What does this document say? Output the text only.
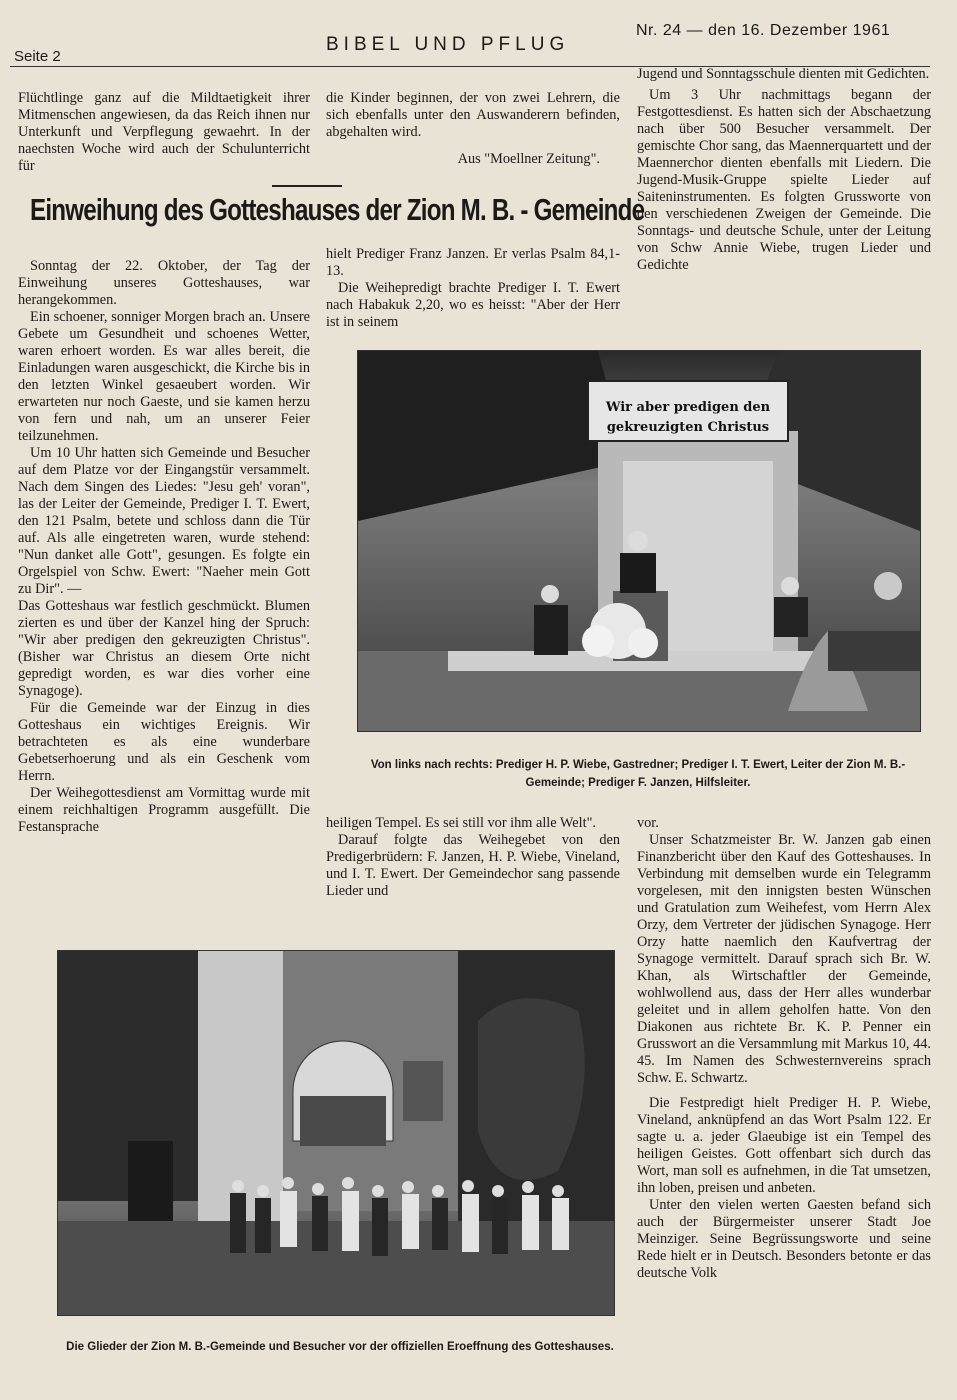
Seite 2
BIBEL UND PFLUG
Nr. 24 — den 16. Dezember 1961

Flüchtlinge ganz auf die Mildtaetigkeit ihrer Mitmenschen angewiesen, da das Reich ihnen nur Unterkunft und Verpflegung gewaehrt. In der naechsten Woche wird auch der Schulunterricht für

die Kinder beginnen, der von zwei Lehrern, die sich ebenfalls unter den Auswanderern befinden, abgehalten wird.

Aus "Moellner Zeitung".

Einweihung des Gotteshauses der Zion M. B. - Gemeinde

Jugend und Sonntagsschule dienten mit Gedichten.

Um 3 Uhr nachmittags begann der Festgottesdienst. Es hatten sich der Abschaetzung nach über 500 Besucher versammelt. Der gemischte Chor sang, das Maennerquartett und der Maennerchor dienten ebenfalls mit Liedern. Die Jugend-Musik-Gruppe spielte Lieder auf Saiteninstrumenten. Es folgten Grussworte von den verschiedenen Zweigen der Gemeinde. Die Sonntags- und deutsche Schule, unter der Leitung von Schw Annie Wiebe, trugen Lieder und Gedichte

Sonntag der 22. Oktober, der Tag der Einweihung unseres Gotteshauses, war herangekommen.

Ein schoener, sonniger Morgen brach an. Unsere Gebete um Gesundheit und schoenes Wetter, waren erhoert worden. Es war alles bereit, die Einladungen waren ausgeschickt, die Kirche bis in den letzten Winkel gesaeubert worden. Wir erwarteten nur noch Gaeste, und sie kamen herzu von fern und nah, um an unserer Feier teilzunehmen.

Um 10 Uhr hatten sich Gemeinde und Besucher auf dem Platze vor der Eingangstür versammelt. Nach dem Singen des Liedes: "Jesu geh' voran", las der Leiter der Gemeinde, Prediger I. T. Ewert, den 121 Psalm, betete und schloss dann die Tür auf. Als alle eingetreten waren, wurde stehend: "Nun danket alle Gott", gesungen. Es folgte ein Orgelspiel von Schw. Ewert: "Naeher mein Gott zu Dir". —

Das Gotteshaus war festlich geschmückt. Blumen zierten es und über der Kanzel hing der Spruch: "Wir aber predigen den gekreuzigten Christus". (Bisher war Christus an diesem Orte nicht gepredigt worden, es war dies vorher eine Synagoge).

Für die Gemeinde war der Einzug in dies Gotteshaus ein wichtiges Ereignis. Wir betrachteten es als eine wunderbare Gebetserhoerung und als ein Geschenk vom Herrn.

Der Weihegottesdienst am Vormittag wurde mit einem reichhaltigen Programm ausgefüllt. Die Festansprache

hielt Prediger Franz Janzen. Er verlas Psalm 84,1-13.

Die Weihepredigt brachte Prediger I. T. Ewert nach Habakuk 2,20, wo es heisst: "Aber der Herr ist in seinem

Wir aber predigen den
gekreuzigten Christus
Von links nach rechts: Prediger H. P. Wiebe, Gastredner; Prediger I. T. Ewert, Leiter der Zion M. B.-Gemeinde; Prediger F. Janzen, Hilfsleiter.

heiligen Tempel. Es sei still vor ihm alle Welt".

Darauf folgte das Weihegebet von den Predigerbrüdern: F. Janzen, H. P. Wiebe, Vineland, und I. T. Ewert. Der Gemeindechor sang passende Lieder und

vor.

Unser Schatzmeister Br. W. Janzen gab einen Finanzbericht über den Kauf des Gotteshauses. In Verbindung mit demselben wurde ein Telegramm vorgelesen, mit den innigsten besten Wünschen und Gratulation zum Weihefest, vom Herrn Alex Orzy, dem Vertreter der jüdischen Synagoge. Herr Orzy hatte naemlich den Kaufvertrag der Synagoge vermittelt. Darauf sprach sich Br. W. Khan, als Wirtschaftler der Gemeinde, wohlwollend aus, dass der Herr alles wunderbar geleitet und in allem geholfen hatte. Von den Diakonen aus richtete Br. K. P. Penner ein Grusswort an die Versammlung mit Markus 10, 44. 45. Im Namen des Schwesternvereins sprach Schw. E. Schwartz.

Die Festpredigt hielt Prediger H. P. Wiebe, Vineland, anknüpfend an das Wort Psalm 122. Er sagte u. a. jeder Glaeubige ist ein Tempel des heiligen Geistes. Gott offenbart sich durch das Wort, man soll es aufnehmen, in die Tat umsetzen, ihn loben, preisen und anbeten.

Unter den vielen werten Gaesten befand sich auch der Bürgermeister unserer Stadt Joe Meinziger. Seine Begrüssungsworte und seine Rede hielt er in Deutsch. Besonders betonte er das deutsche Volk

Die Glieder der Zion M. B.-Gemeinde und Besucher vor der offiziellen Eroeffnung des Gotteshauses.
